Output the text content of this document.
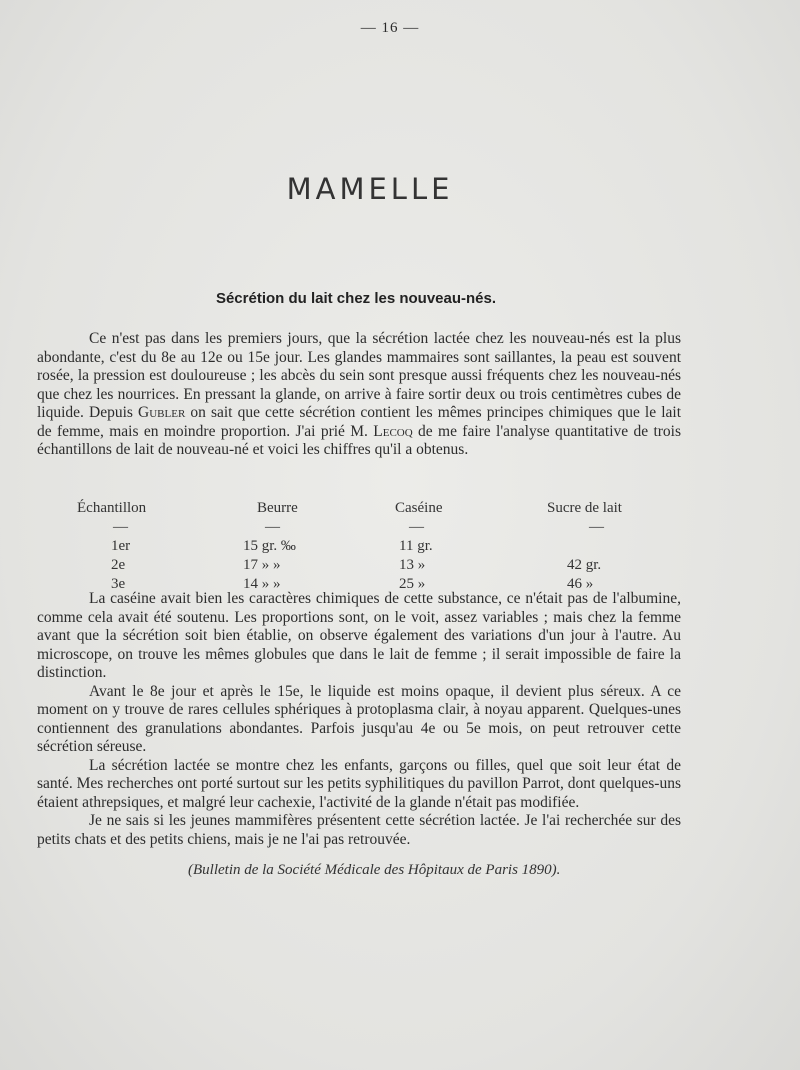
— 16 —
MAMELLE
Sécrétion du lait chez les nouveau-nés.

Ce n'est pas dans les premiers jours, que la sécrétion lactée chez les nouveau-nés est la plus abondante, c'est du 8e au 12e ou 15e jour. Les glandes mammaires sont saillantes, la peau est souvent rosée, la pression est douloureuse ; les abcès du sein sont presque aussi fréquents chez les nouveau-nés que chez les nourrices. En pressant la glande, on arrive à faire sortir deux ou trois centimètres cubes de liquide. Depuis Gubler on sait que cette sécrétion contient les mêmes principes chimiques que le lait de femme, mais en moindre proportion. J'ai prié M. Lecoq de me faire l'analyse quantitative de trois échantillons de lait de nouveau-né et voici les chiffres qu'il a obtenus.

Échantillon	Beurre	Caséine	Sucre de lait
—	—	—	—
1er	15 gr. ‰	11 gr.
2e	17 » »	13 »	42 gr.
3e	14 » »	25 »	46 »

La caséine avait bien les caractères chimiques de cette substance, ce n'était pas de l'albumine, comme cela avait été soutenu. Les proportions sont, on le voit, assez variables ; mais chez la femme avant que la sécrétion soit bien établie, on observe également des variations d'un jour à l'autre. Au microscope, on trouve les mêmes globules que dans le lait de femme ; il serait impossible de faire la distinction.

Avant le 8e jour et après le 15e, le liquide est moins opaque, il devient plus séreux. A ce moment on y trouve de rares cellules sphériques à protoplasma clair, à noyau apparent. Quelques-unes contiennent des granulations abondantes. Parfois jusqu'au 4e ou 5e mois, on peut retrouver cette sécrétion séreuse.

La sécrétion lactée se montre chez les enfants, garçons ou filles, quel que soit leur état de santé. Mes recherches ont porté surtout sur les petits syphilitiques du pavillon Parrot, dont quelques-uns étaient athrepsiques, et malgré leur cachexie, l'activité de la glande n'était pas modifiée.

Je ne sais si les jeunes mammifères présentent cette sécrétion lactée. Je l'ai recherchée sur des petits chats et des petits chiens, mais je ne l'ai pas retrouvée.

(Bulletin de la Société Médicale des Hôpitaux de Paris 1890).
